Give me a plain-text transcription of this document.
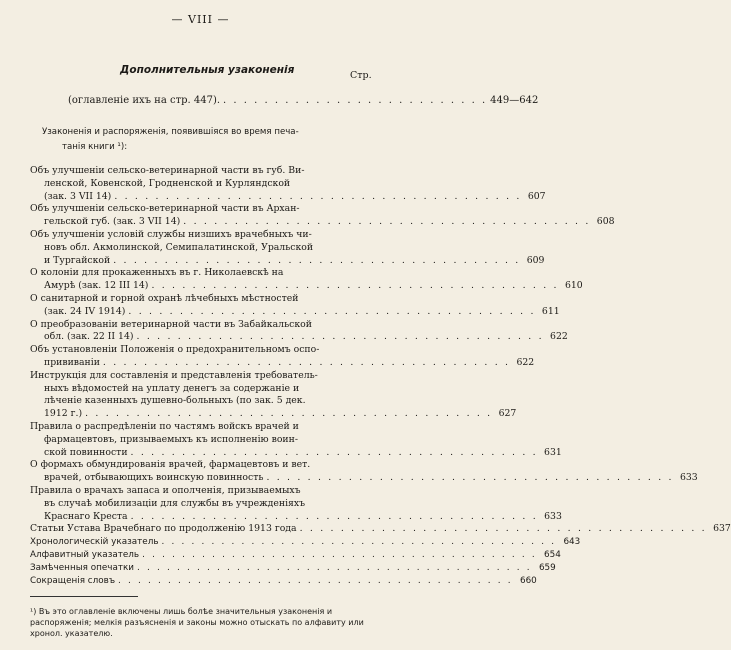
— VIII —
Дополнительныя узаконенія	Стр.
(оглавленіе ихъ на стр. 447). . . . . . . . . . . . . . . . . . . . . . . . . . . 449—642
Узаконенія и распоряженія, появившіяся во время печа-
танія книги ¹):
Объ улучшеніи сельско-ветеринарной части въ губ. Ви-
ленской, Ковенской, Гродненской и Курляндской
(зак. 3 VII 14) . . . . . . . . . . . . . . . . . . . . . . . . . . . . . . . . . . . . . . . . 607
Объ улучшеніи сельско-ветеринарной части въ Архан-
гельской губ. (зак. 3 VII 14) . . . . . . . . . . . . . . . . . . . . . . . . . . . . . . . . . . . . . . . . 608
Объ улучшеніи условій службы низшихъ врачебныхъ чи-
новъ обл. Акмолинской, Семипалатинской, Уральской
и Тургайской . . . . . . . . . . . . . . . . . . . . . . . . . . . . . . . . . . . . . . . . 609
О колоніи для прокаженныхъ въ г. Николаевскѣ на
Амурѣ (зак. 12 III 14) . . . . . . . . . . . . . . . . . . . . . . . . . . . . . . . . . . . . . . . . 610
О санитарной и горной охранѣ лѣчебныхъ мѣстностей
(зак. 24 IV 1914) . . . . . . . . . . . . . . . . . . . . . . . . . . . . . . . . . . . . . . . . 611
О преобразованіи ветеринарной части въ Забайкальской
обл. (зак. 22 II 14) . . . . . . . . . . . . . . . . . . . . . . . . . . . . . . . . . . . . . . . . 622
Объ установленіи Положенія о предохранительномъ оспо-
прививаніи . . . . . . . . . . . . . . . . . . . . . . . . . . . . . . . . . . . . . . . . 622
Инструкція для составленія и представленія требователь-
ныхъ вѣдомостей на уплату денегъ за содержаніе и
лѣченіе казенныхъ душевно-больныхъ (по зак. 5 дек.
1912 г.) . . . . . . . . . . . . . . . . . . . . . . . . . . . . . . . . . . . . . . . . 627
Правила о распредѣленіи по частямъ войскъ врачей и
фармацевтовъ, призываемыхъ къ исполненію воин-
ской повинности . . . . . . . . . . . . . . . . . . . . . . . . . . . . . . . . . . . . . . . . 631
О формахъ обмундированія врачей, фармацевтовъ и вет.
врачей, отбывающихъ воинскую повинность . . . . . . . . . . . . . . . . . . . . . . . . . . . . . . . . . . . . . . . . 633
Правила о врачахъ запаса и ополченія, призываемыхъ
въ случаѣ мобилизаціи для службы въ учрежденіяхъ
Краснаго Креста . . . . . . . . . . . . . . . . . . . . . . . . . . . . . . . . . . . . . . . . 633
Статьи Устава Врачебнаго по продолженію 1913 года . . . . . . . . . . . . . . . . . . . . . . . . . . . . . . . . . . . . . . . . 637
Хронологическій указатель . . . . . . . . . . . . . . . . . . . . . . . . . . . . . . . . . . . . . . . . 643
Алфавитный указатель . . . . . . . . . . . . . . . . . . . . . . . . . . . . . . . . . . . . . . . . 654
Замѣченныя опечатки . . . . . . . . . . . . . . . . . . . . . . . . . . . . . . . . . . . . . . . . 659
Сокращенія словъ . . . . . . . . . . . . . . . . . . . . . . . . . . . . . . . . . . . . . . . . 660
¹) Въ это оглавленіе включены лишь болѣе значительныя узаконенія и
распоряженія; мелкія разъясненія и законы можно отыскать по алфавиту или
хронол. указателю.
